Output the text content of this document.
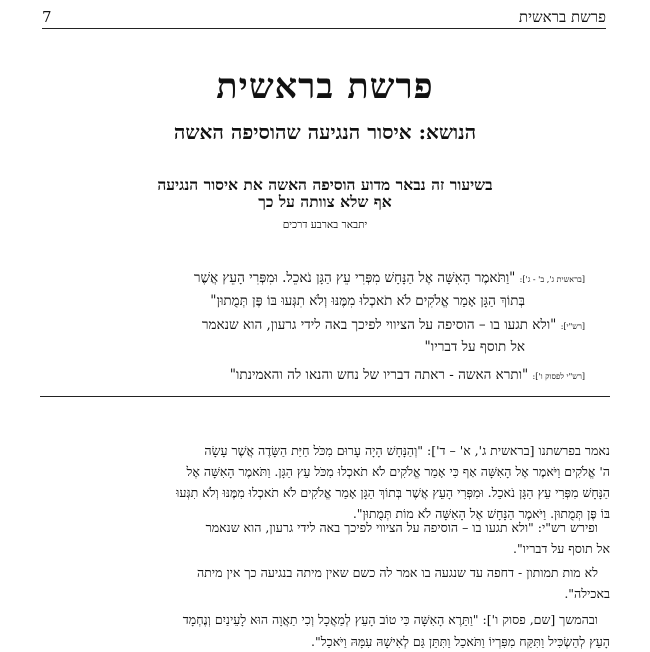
7	פרשת בראשית
פרשת בראשית
הנושא: איסור הנגיעה שהוסיפה האשה
בשיעור זה נבאר מדוע הוסיפה האשה את איסור הנגיעה
אף שלא צוותה על כך
יתבאר בארבע דרכים
[בראשית ג', ב' - ג']: "וַתֹּאמֶר הָאִשָּׁה אֶל הַנָּחָשׁ מִפְּרִי עֵץ הַגָּן נֹאכֵל. וּמִפְּרִי הָעֵץ אֲשֶׁר
בְּתוֹךְ הַגָּן אָמַר אֱלֹקִים לֹא תֹאכְלוּ מִמֶּנּוּ וְלֹא תִגְּעוּ בּוֹ פֶּן תְּמֻתוּן"
[רש"י]: "ולא תגעו בו – הוסיפה על הציווי לפיכך באה לידי גרעון, הוא שנאמר
אל תוסף על דבריו"
[רש"י לפסוק ו']: "ותרא האשה - ראתה דבריו של נחש והנאו לה והאמינתו"
נאמר בפרשתנו [בראשית ג', א' – ד']: "וְהַנָּחָשׁ הָיָה עָרוּם מִכֹּל חַיַּת הַשָּׂדֶה אֲשֶׁר עָשָׂה
ה' אֱלֹקִים וַיֹּאמֶר אֶל הָאִשָּׁה אַף כִּי אָמַר אֱלֹקִים לֹא תֹאכְלוּ מִכֹּל עֵץ הַגָּן. וַתֹּאמֶר הָאִשָּׁה אֶל
הַנָּחָשׁ מִפְּרִי עֵץ הַגָּן נֹאכֵל. וּמִפְּרִי הָעֵץ אֲשֶׁר בְּתוֹךְ הַגָּן אָמַר אֱלֹקִים לֹא תֹאכְלוּ מִמֶּנּוּ וְלֹא תִגְּעוּ
בּוֹ פֶּן תְּמֻתוּן. וַיֹּאמֶר הַנָּחָשׁ אֶל הָאִשָּׁה לֹא מוֹת תְּמֻתוּן".
ופירש רש"י: "ולא תגעו בו – הוסיפה על הציווי לפיכך באה לידי גרעון, הוא שנאמר
אל תוסף על דבריו".
לא מות תמותון - דחפה עד שנגעה בו אמר לה כשם שאין מיתה בנגיעה כך אין מיתה
באכילה".
ובהמשך [שם, פסוק ו']: "וַתֵּרֶא הָאִשָּׁה כִּי טוֹב הָעֵץ לְמַאֲכָל וְכִי תַאֲוָה הוּא לָעֵינַיִם וְנֶחְמָד
הָעֵץ לְהַשְׂכִּיל וַתִּקַּח מִפִּרְיוֹ וַתֹּאכַל וַתִּתֵּן גַּם לְאִישָׁהּ עִמָּהּ וַיֹּאכַל".
